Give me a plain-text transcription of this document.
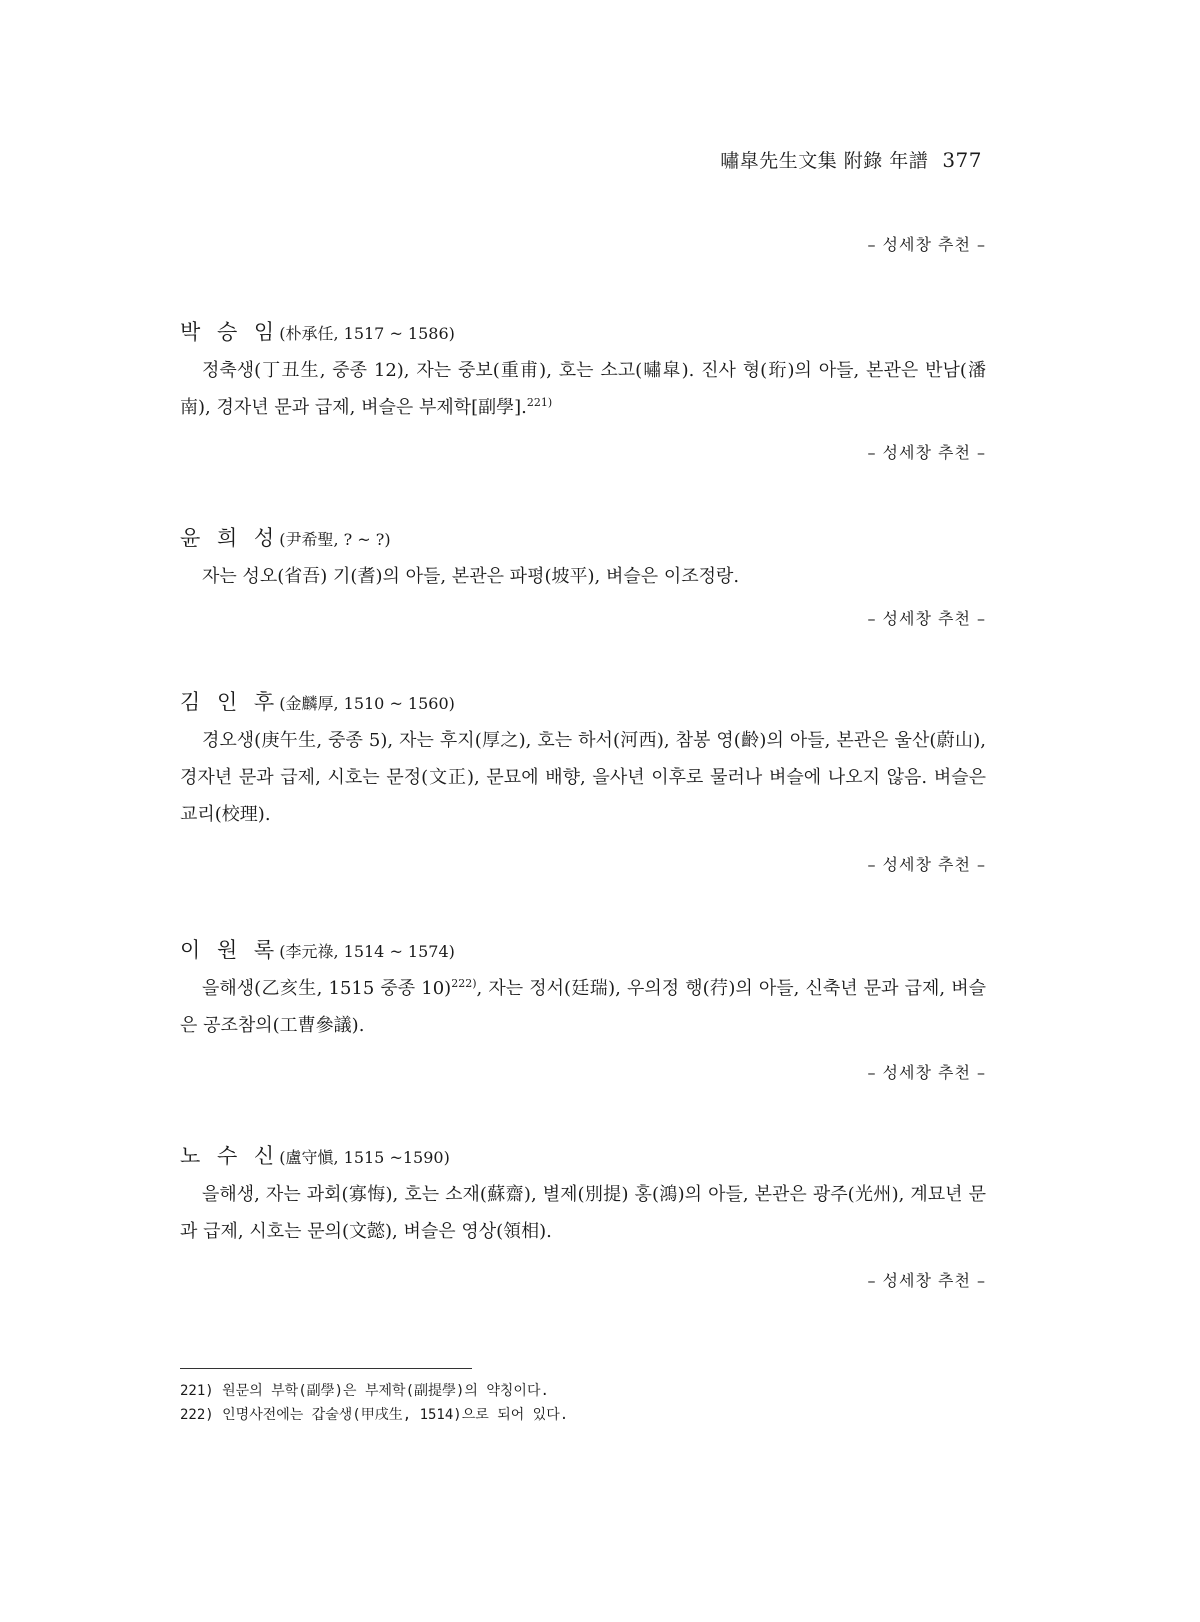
嘯皐先生文集 附錄 年譜 377
– 성세창 추천 –
박 승 임(朴承任, 1517 ~ 1586)
정축생(丁丑生, 중종 12), 자는 중보(重甫), 호는 소고(嘯皐). 진사 형(珩)의 아들, 본관은 반남(潘南), 경자년 문과 급제, 벼슬은 부제학[副學].$^{221)}$
– 성세창 추천 –
윤 희 성(尹希聖, ? ~ ?)
자는 성오(省吾) 기(耆)의 아들, 본관은 파평(坡平), 벼슬은 이조정랑.
– 성세창 추천 –
김 인 후(金麟厚, 1510 ~ 1560)
경오생(庚午生, 중종 5), 자는 후지(厚之), 호는 하서(河西), 참봉 영(齡)의 아들, 본관은 울산(蔚山), 경자년 문과 급제, 시호는 문정(文正), 문묘에 배향, 을사년 이후로 물러나 벼슬에 나오지 않음. 벼슬은 교리(校理).
– 성세창 추천 –
이 원 록(李元祿, 1514 ~ 1574)
을해생(乙亥生, 1515 중종 10)$^{222)}$, 자는 정서(廷瑞), 우의정 행(荇)의 아들, 신축년 문과 급제, 벼슬은 공조참의(工曹參議).
– 성세창 추천 –
노 수 신(盧守愼, 1515 ~1590)
을해생, 자는 과회(寡悔), 호는 소재(蘇齋), 별제(別提) 홍(鴻)의 아들, 본관은 광주(光州), 계묘년 문과 급제, 시호는 문의(文懿), 벼슬은 영상(領相).
– 성세창 추천 –
221) 원문의 부학(副學)은 부제학(副提學)의 약칭이다.
222) 인명사전에는 갑술생(甲戌生, 1514)으로 되어 있다.
